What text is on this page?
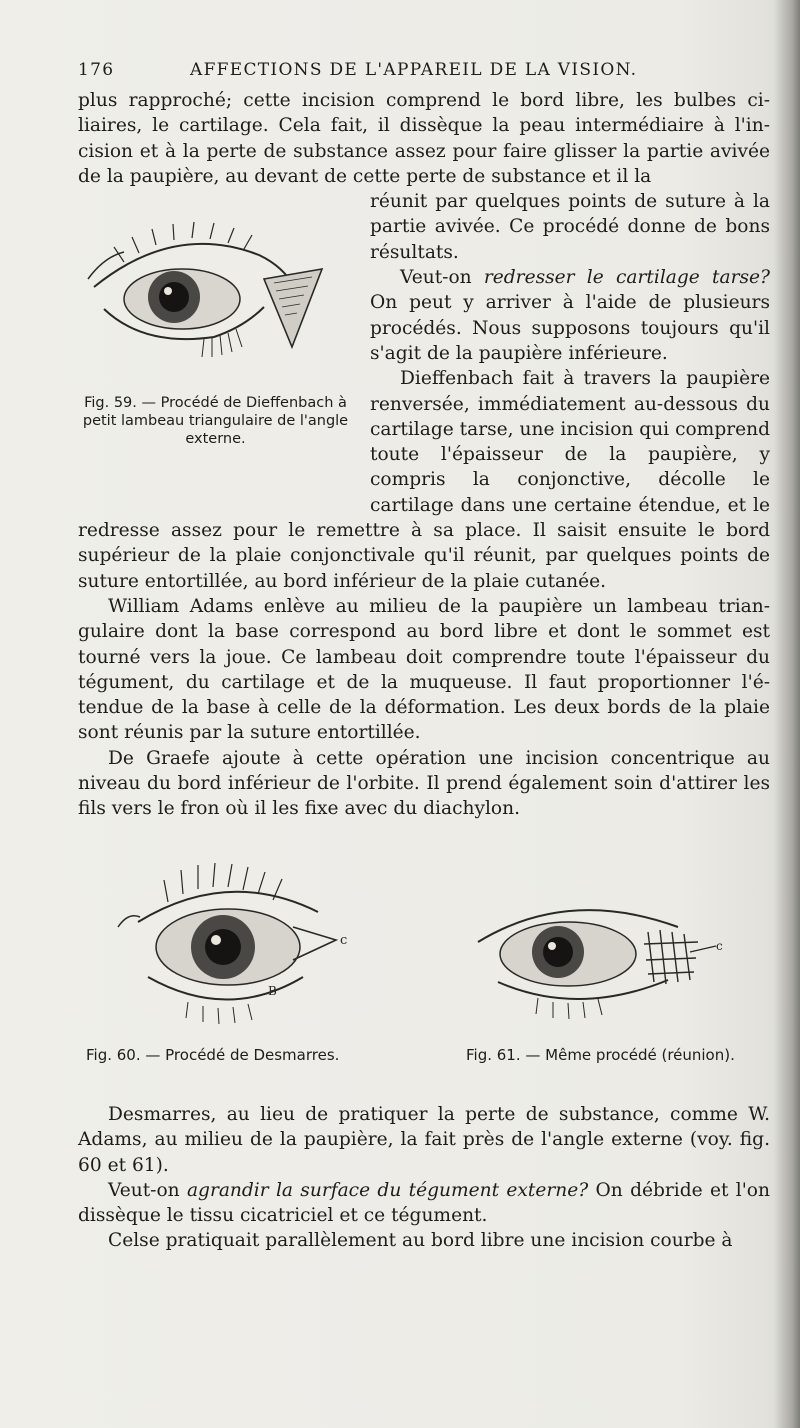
176	AFFECTIONS DE L'APPAREIL DE LA VISION.

plus rapproché; cette incision comprend le bord libre, les bulbes ci-liaires, le cartilage. Cela fait, il dissèque la peau intermédiaire à l'in-cision et à la perte de substance assez pour faire glisser la partie avivée de la paupière, au devant de cette perte de substance et il la

Fig. 59. — Procédé de Dieffenbach à petit lambeau triangulaire de l'angle externe.

réunit par quelques points de suture à la partie avivée. Ce procédé donne de bons résultats.

Veut-on redresser le cartilage tarse? On peut y arriver à l'aide de plusieurs procédés. Nous supposons toujours qu'il s'agit de la paupière inférieure.

Dieffenbach fait à travers la paupière renversée, immédiatement au-dessous du cartilage tarse, une incision qui comprend toute l'épaisseur de la paupière, y compris la conjonctive, décolle le cartilage dans une certaine étendue, et le redresse assez pour le remettre à sa place. Il saisit ensuite le bord supérieur de la plaie conjonctivale qu'il réunit, par quelques points de suture entortillée, au bord inférieur de la plaie cutanée.

William Adams enlève au milieu de la paupière un lambeau trian-gulaire dont la base correspond au bord libre et dont le sommet est tourné vers la joue. Ce lambeau doit comprendre toute l'épaisseur du tégument, du cartilage et de la muqueuse. Il faut proportionner l'é-tendue de la base à celle de la déformation. Les deux bords de la plaie sont réunis par la suture entortillée.

De Graefe ajoute à cette opération une incision concentrique au niveau du bord inférieur de l'orbite. Il prend également soin d'attirer les fils vers le fron où il les fixe avec du diachylon.

c
B
Fig. 60. — Procédé de Desmarres.
c
Fig. 61. — Même procédé (réunion).

Desmarres, au lieu de pratiquer la perte de substance, comme W. Adams, au milieu de la paupière, la fait près de l'angle externe (voy. fig. 60 et 61).

Veut-on agrandir la surface du tégument externe? On débride et l'on dissèque le tissu cicatriciel et ce tégument.

Celse pratiquait parallèlement au bord libre une incision courbe à
